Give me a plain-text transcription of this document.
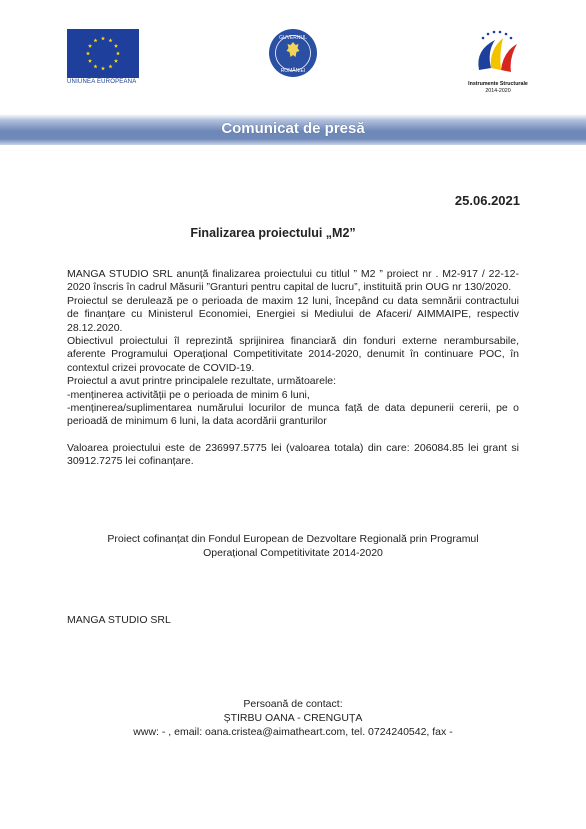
UNIUNEA EUROPEANĂ
GUVERNUL
ROMÂNIEI
Instrumente Structurale
2014-2020
Comunicat de presă
25.06.2021
Finalizarea proiectului „M2”

MANGA STUDIO SRL anunță finalizarea proiectului cu titlul ” M2 ” proiect nr . M2-917 / 22-12-2020 înscris în cadrul Măsurii ”Granturi pentru capital de lucru”, instituită prin OUG nr 130/2020.

Proiectul se derulează pe o perioada de maxim 12 luni, începând cu data semnării contractului de finanțare cu Ministerul Economiei, Energiei si Mediului de Afaceri/ AIMMAIPE, respectiv 28.12.2020.

Obiectivul proiectului îl reprezintă sprijinirea financiară din fonduri externe nerambursabile, aferente Programului Operațional Competitivitate 2014-2020, denumit în continuare POC, în contextul crizei provocate de COVID-19.

Proiectul a avut printre principalele rezultate, următoarele:

-menținerea activității pe o perioada de minim 6 luni,

-menținerea/suplimentarea numărului locurilor de munca față de data depunerii cererii, pe o perioadă de minimum 6 luni, la data acordării granturilor

Valoarea proiectului este de 236997.5775 lei (valoarea totala) din care: 206084.85 lei grant si 30912.7275 lei cofinanțare.

Proiect cofinanțat din Fondul European de Dezvoltare Regională prin Programul
Operațional Competitivitate 2014-2020
MANGA STUDIO SRL
Persoană de contact:
ȘTIRBU OANA - CRENGUȚA
www: - , email: oana.cristea@aimatheart.com, tel. 0724240542, fax -
